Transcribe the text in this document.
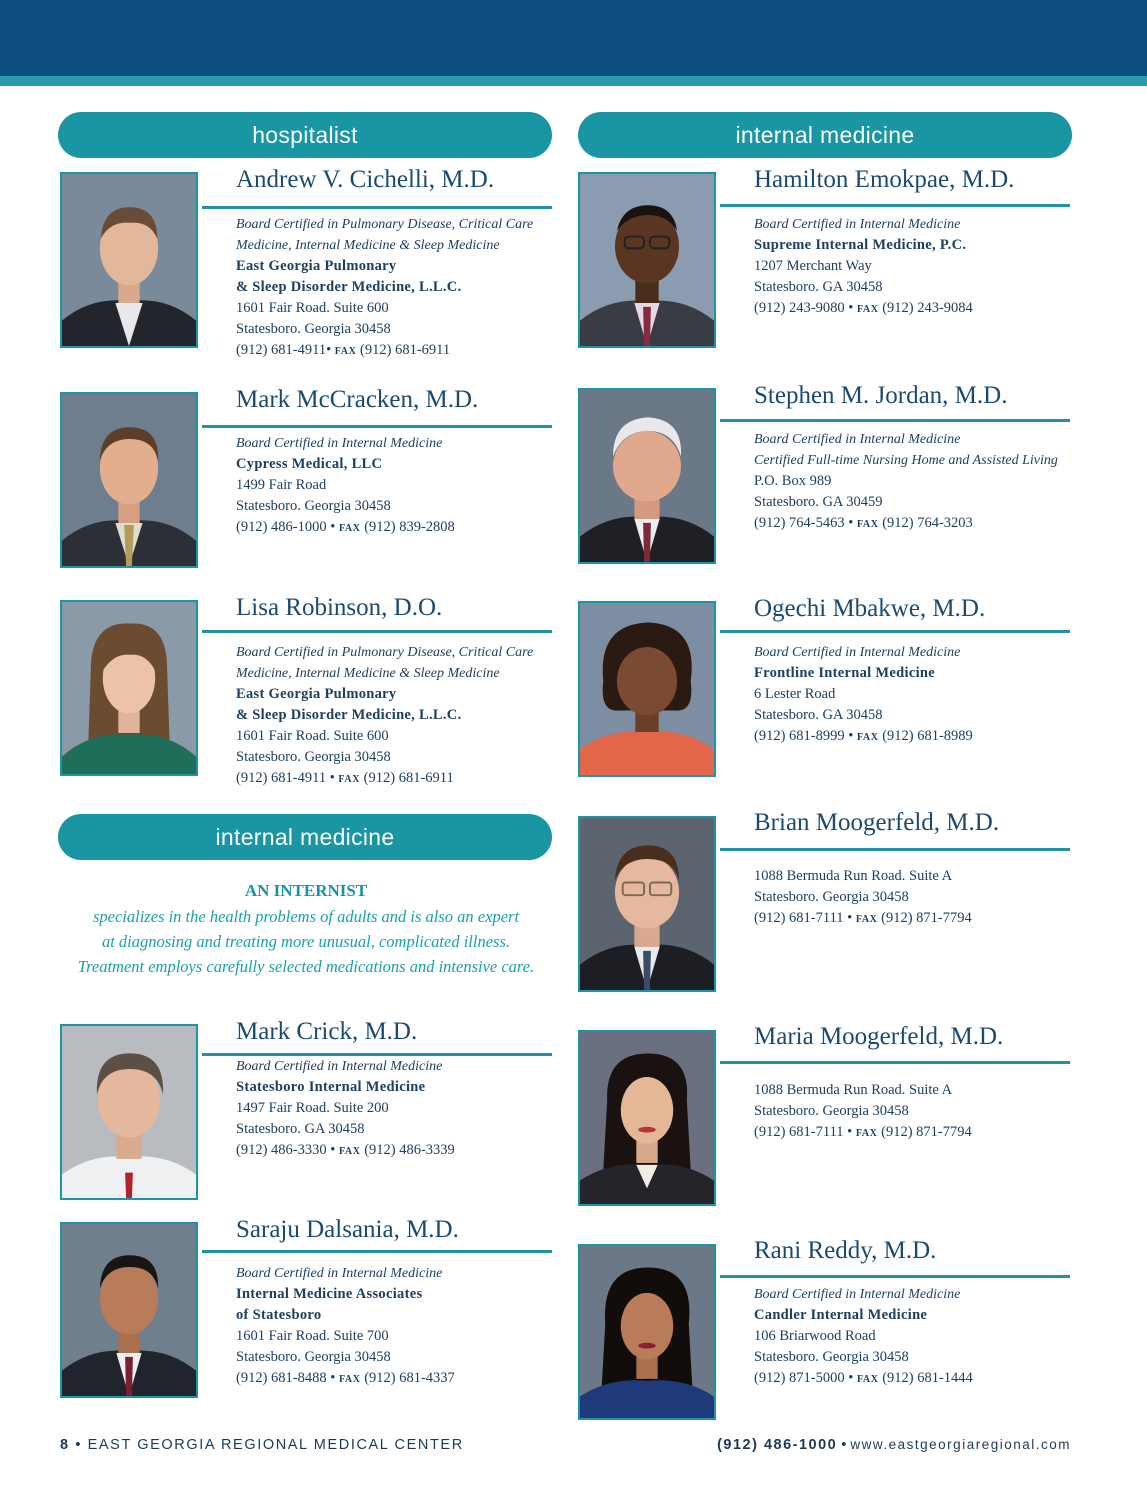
hospitalist	internal medicine
internal medicine
Andrew V. Cichelli, M.D.
Board Certified in Pulmonary Disease, Critical Care
Medicine, Internal Medicine & Sleep Medicine
East Georgia Pulmonary
& Sleep Disorder Medicine, L.L.C.
1601 Fair Road. Suite 600
Statesboro. Georgia 30458
(912) 681-4911• FAX (912) 681-6911
Mark McCracken, M.D.
Board Certified in Internal Medicine
Cypress Medical, LLC
1499 Fair Road
Statesboro. Georgia 30458
(912) 486-1000 • FAX (912) 839-2808
Lisa Robinson, D.O.
Board Certified in Pulmonary Disease, Critical Care
Medicine, Internal Medicine & Sleep Medicine
East Georgia Pulmonary
& Sleep Disorder Medicine, L.L.C.
1601 Fair Road. Suite 600
Statesboro. Georgia 30458
(912) 681-4911 • FAX (912) 681-6911
AN INTERNIST
specializes in the health problems of adults and is also an expert
at diagnosing and treating more unusual, complicated illness.
Treatment employs carefully selected medications and intensive care.
Mark Crick, M.D.
Board Certified in Internal Medicine
Statesboro Internal Medicine
1497 Fair Road. Suite 200
Statesboro. GA 30458
(912) 486-3330 • FAX (912) 486-3339
Saraju Dalsania, M.D.
Board Certified in Internal Medicine
Internal Medicine Associates
of Statesboro
1601 Fair Road. Suite 700
Statesboro. Georgia 30458
(912) 681-8488 • FAX (912) 681-4337
Hamilton Emokpae, M.D.
Board Certified in Internal Medicine
Supreme Internal Medicine, P.C.
1207 Merchant Way
Statesboro. GA 30458
(912) 243-9080 • FAX (912) 243-9084
Stephen M. Jordan, M.D.
Board Certified in Internal Medicine
Certified Full-time Nursing Home and Assisted Living
P.O. Box 989
Statesboro. GA 30459
(912) 764-5463 • FAX (912) 764-3203
Ogechi Mbakwe, M.D.
Board Certified in Internal Medicine
Frontline Internal Medicine
6 Lester Road
Statesboro. GA 30458
(912) 681-8999 • FAX (912) 681-8989
Brian Moogerfeld, M.D.
1088 Bermuda Run Road. Suite A
Statesboro. Georgia 30458
(912) 681-7111 • FAX (912) 871-7794
Maria Moogerfeld, M.D.
1088 Bermuda Run Road. Suite A
Statesboro. Georgia 30458
(912) 681-7111 • FAX (912) 871-7794
Rani Reddy, M.D.
Board Certified in Internal Medicine
Candler Internal Medicine
106 Briarwood Road
Statesboro. Georgia 30458
(912) 871-5000 • FAX (912) 681-1444
8 • EAST GEORGIA REGIONAL MEDICAL CENTER	(912) 486-1000 • www.eastgeorgiaregional.com
